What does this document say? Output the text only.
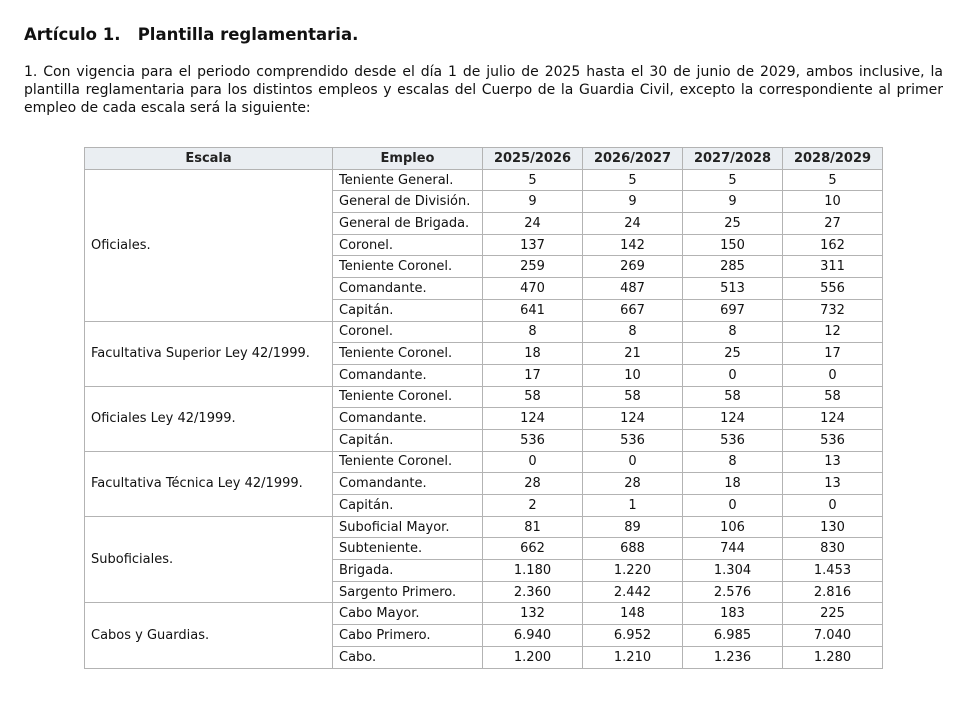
Artículo 1. Plantilla reglamentaria.
1. Con vigencia para el periodo comprendido desde el día 1 de julio de 2025 hasta el 30 de junio de 2029, ambos inclusive, la plantilla reglamentaria para los distintos empleos y escalas del Cuerpo de la Guardia Civil, excepto la correspondiente al primer empleo de cada escala será la siguiente:
Escala	Empleo	2025/2026	2026/2027	2027/2028	2028/2029
Oficiales.	Teniente General.	5	5	5	5
	General de División.	9	9	9	10
	General de Brigada.	24	24	25	27
	Coronel.	137	142	150	162
	Teniente Coronel.	259	269	285	311
	Comandante.	470	487	513	556
	Capitán.	641	667	697	732
Facultativa Superior Ley 42/1999.	Coronel.	8	8	8	12
	Teniente Coronel.	18	21	25	17
	Comandante.	17	10	0	0
Oficiales Ley 42/1999.	Teniente Coronel.	58	58	58	58
	Comandante.	124	124	124	124
	Capitán.	536	536	536	536
Facultativa Técnica Ley 42/1999.	Teniente Coronel.	0	0	8	13
	Comandante.	28	28	18	13
	Capitán.	2	1	0	0
Suboficiales.	Suboficial Mayor.	81	89	106	130
	Subteniente.	662	688	744	830
	Brigada.	1.180	1.220	1.304	1.453
	Sargento Primero.	2.360	2.442	2.576	2.816
Cabos y Guardias.	Cabo Mayor.	132	148	183	225
	Cabo Primero.	6.940	6.952	6.985	7.040
	Cabo.	1.200	1.210	1.236	1.280
